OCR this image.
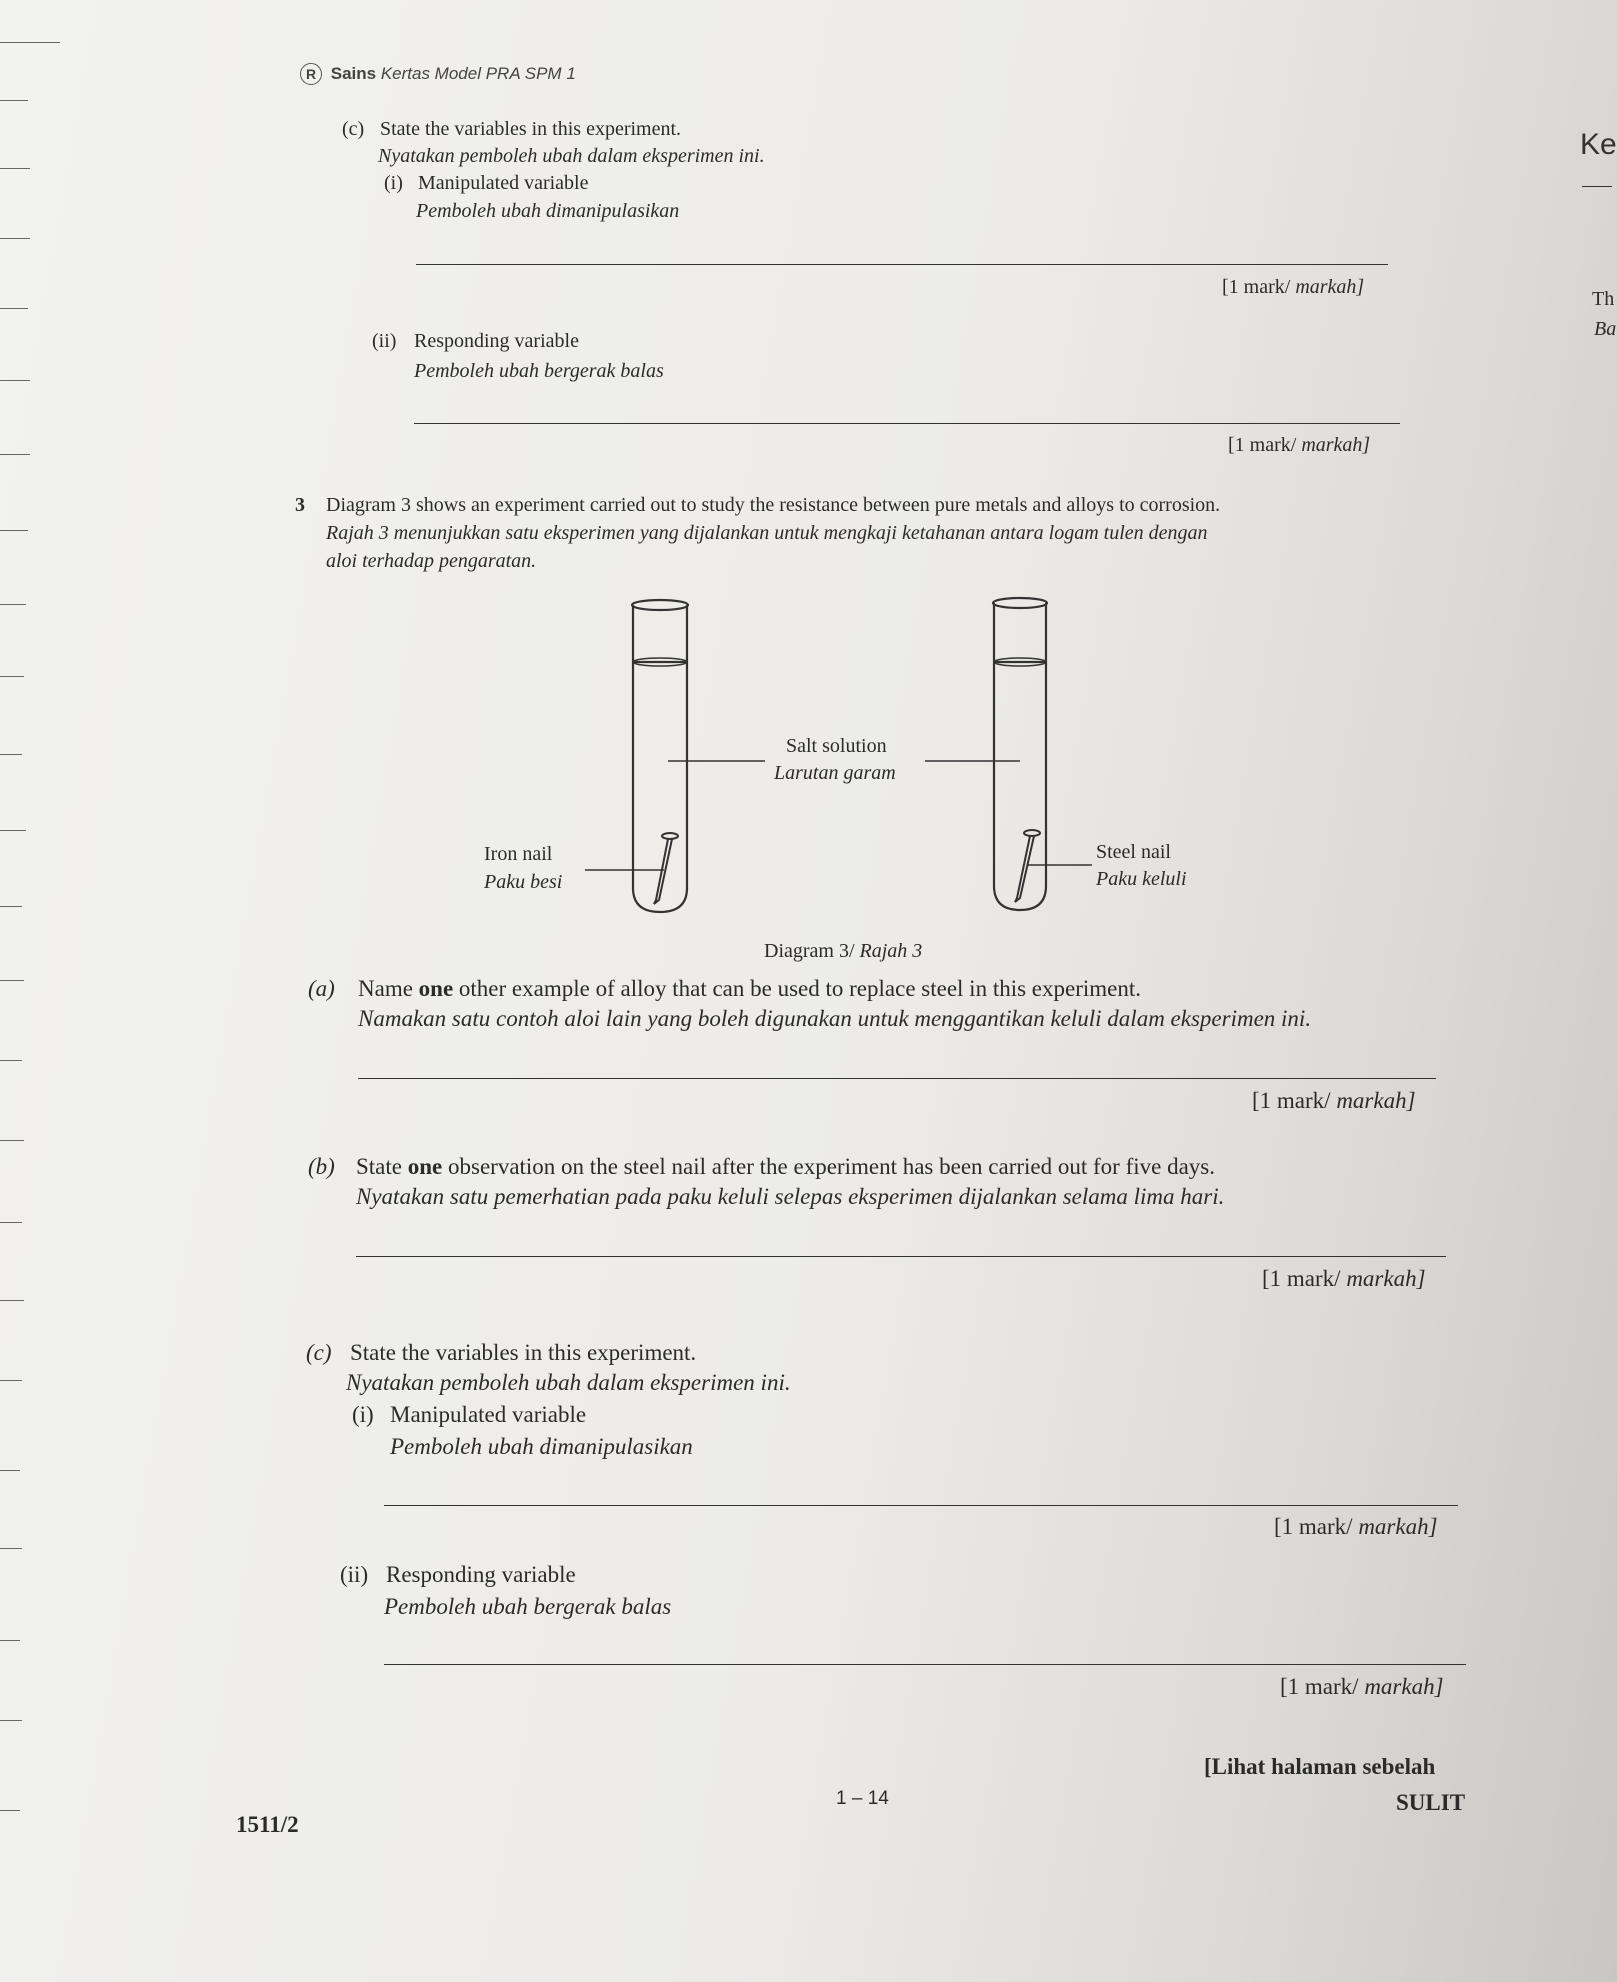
R Sains Kertas Model PRA SPM 1
Ke
Th
Ba
(c) State the variables in this experiment.
Nyatakan pemboleh ubah dalam eksperimen ini.
(i) Manipulated variable
Pemboleh ubah dimanipulasikan
[1 mark/ markah]
(ii) Responding variable
Pemboleh ubah bergerak balas
[1 mark/ markah]
3 Diagram 3 shows an experiment carried out to study the resistance between pure metals and alloys to corrosion.
Rajah 3 menunjukkan satu eksperimen yang dijalankan untuk mengkaji ketahanan antara logam tulen dengan
aloi terhadap pengaratan.
Salt solution
Larutan garam
Iron nail
Paku besi
Steel nail
Paku keluli
Diagram 3/ Rajah 3
(a) Name one other example of alloy that can be used to replace steel in this experiment.
Namakan satu contoh aloi lain yang boleh digunakan untuk menggantikan keluli dalam eksperimen ini.
[1 mark/ markah]
(b) State one observation on the steel nail after the experiment has been carried out for five days.
Nyatakan satu pemerhatian pada paku keluli selepas eksperimen dijalankan selama lima hari.
[1 mark/ markah]
(c) State the variables in this experiment.
Nyatakan pemboleh ubah dalam eksperimen ini.
(i) Manipulated variable
Pemboleh ubah dimanipulasikan
[1 mark/ markah]
(ii) Responding variable
Pemboleh ubah bergerak balas
[1 mark/ markah]
[Lihat halaman sebelah
1 – 14	SULIT
1511/2
